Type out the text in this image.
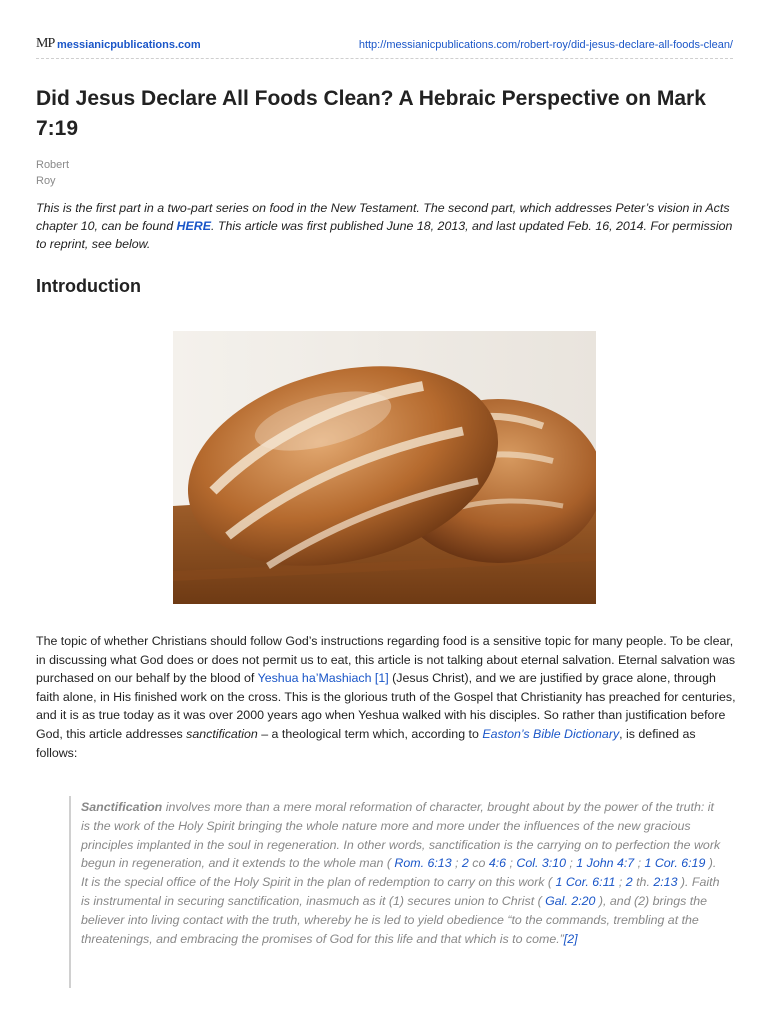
MP messianicpublications.com	http://messianicpublications.com/robert-roy/did-jesus-declare-all-foods-clean/
Did Jesus Declare All Foods Clean? A Hebraic Perspective on Mark 7:19
Robert
Roy

This is the first part in a two-part series on food in the New Testament. The second part, which addresses Peter’s vision in Acts chapter 10, can be found HERE. This article was first published June 18, 2013, and last updated Feb. 16, 2014. For permission to reprint, see below.

Introduction

The topic of whether Christians should follow God’s instructions regarding food is a sensitive topic for many people. To be clear, in discussing what God does or does not permit us to eat, this article is not talking about eternal salvation. Eternal salvation was purchased on our behalf by the blood of Yeshua ha’Mashiach [1] (Jesus Christ), and we are justified by grace alone, through faith alone, in His finished work on the cross. This is the glorious truth of the Gospel that Christianity has preached for centuries, and it is as true today as it was over 2000 years ago when Yeshua walked with his disciples. So rather than justification before God, this article addresses sanctification – a theological term which, according to Easton’s Bible Dictionary, is defined as follows:

Sanctification involves more than a mere moral reformation of character, brought about by the power of the truth: it is the work of the Holy Spirit bringing the whole nature more and more under the influences of the new gracious principles implanted in the soul in regeneration. In other words, sanctification is the carrying on to perfection the work begun in regeneration, and it extends to the whole man ( Rom. 6:13 ; 2 co 4:6 ; Col. 3:10 ; 1 John 4:7 ; 1 Cor. 6:19 ). It is the special office of the Holy Spirit in the plan of redemption to carry on this work ( 1 Cor. 6:11 ; 2 th. 2:13 ). Faith is instrumental in securing sanctification, inasmuch as it (1) secures union to Christ ( Gal. 2:20 ), and (2) brings the believer into living contact with the truth, whereby he is led to yield obedience “to the commands, trembling at the threatenings, and embracing the promises of God for this life and that which is to come.”[2]
